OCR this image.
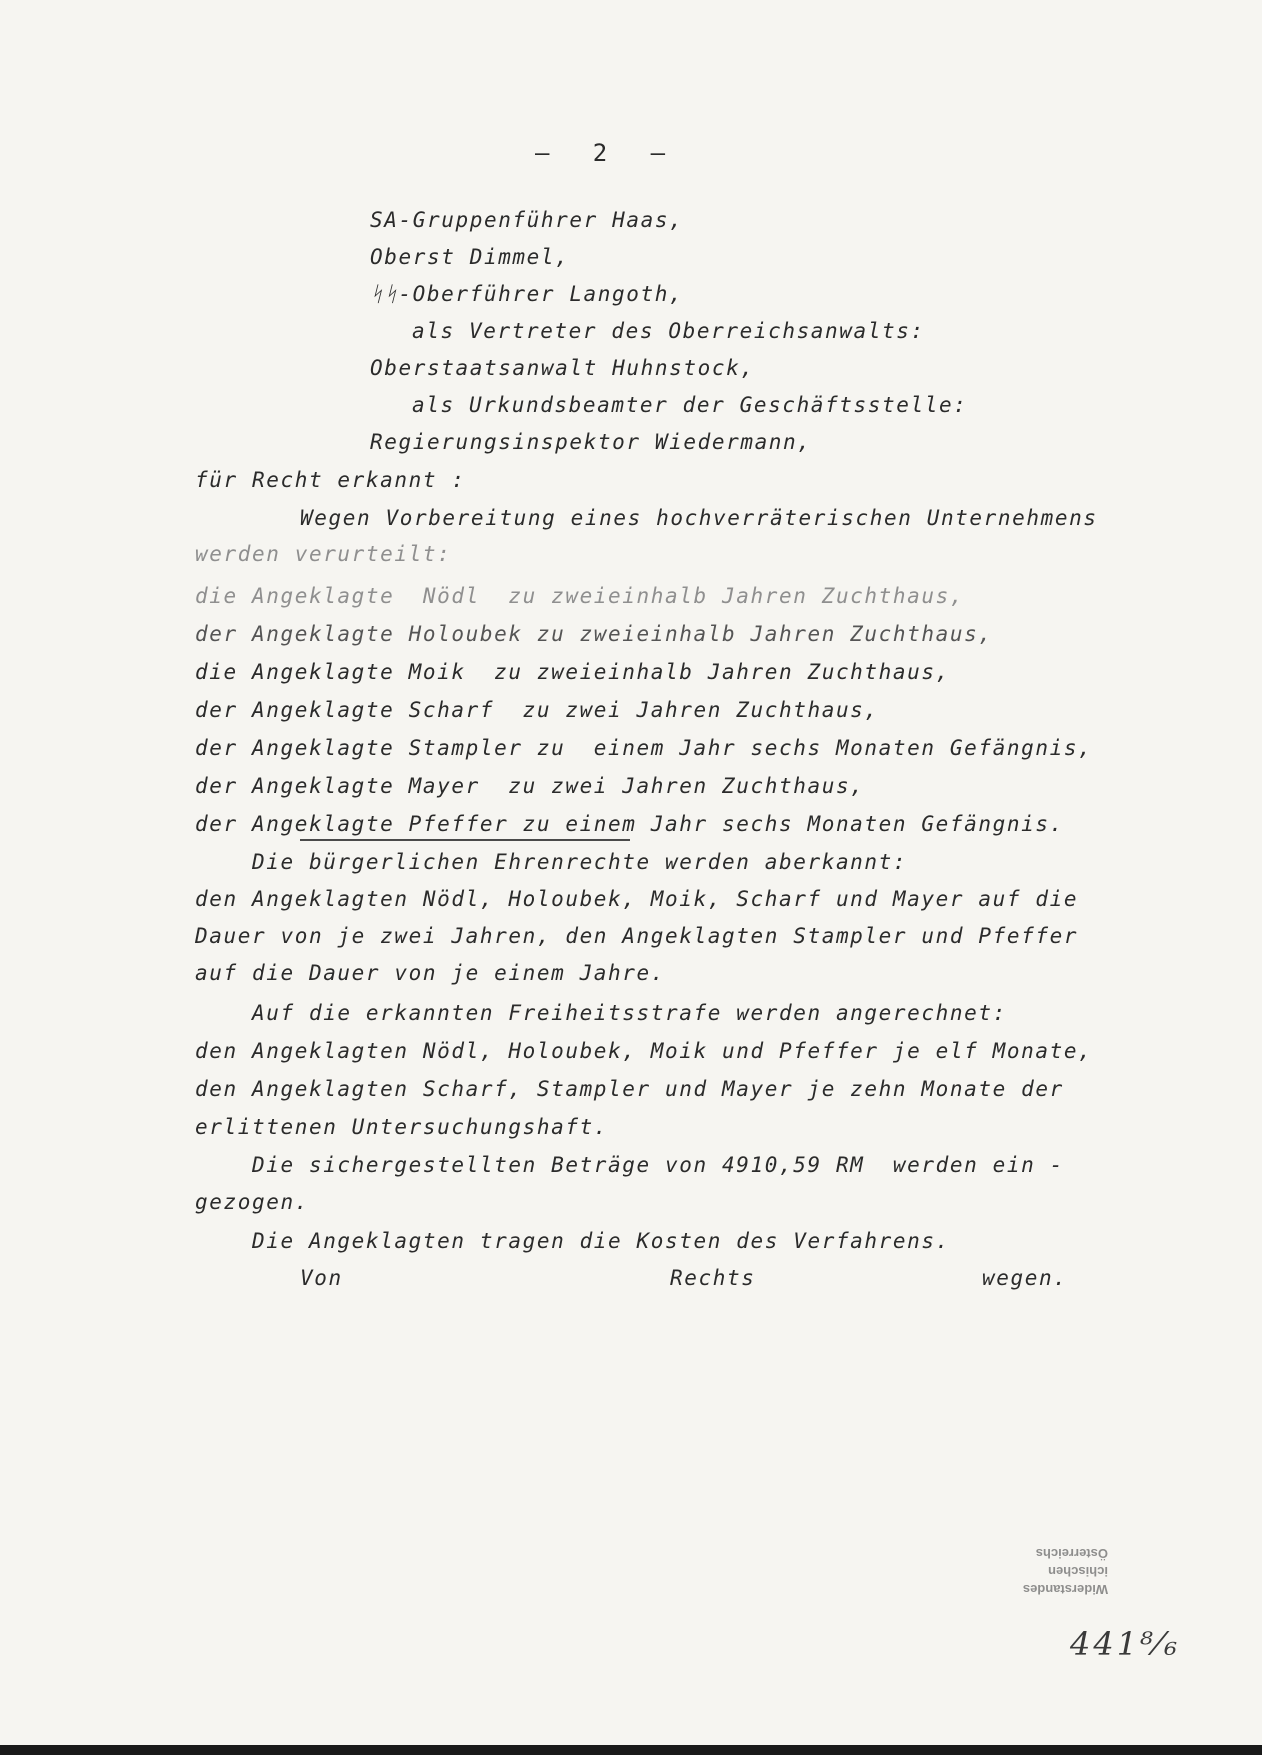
–   2   –
SA-Gruppenführer Haas,
Oberst Dimmel,
ᛋᛋ-Oberführer Langoth,
als Vertreter des Oberreichsanwalts:
Oberstaatsanwalt Huhnstock,
als Urkundsbeamter der Geschäftsstelle:
Regierungsinspektor Wiedermann,
für Recht erkannt :
Wegen Vorbereitung eines hochverräterischen Unternehmens
werden verurteilt:
die Angeklagte  Nödl  zu zweieinhalb Jahren Zuchthaus,
der Angeklagte Holoubek zu zweieinhalb Jahren Zuchthaus,
die Angeklagte Moik  zu zweieinhalb Jahren Zuchthaus,
der Angeklagte Scharf  zu zwei Jahren Zuchthaus,
der Angeklagte Stampler zu  einem Jahr sechs Monaten Gefängnis,
der Angeklagte Mayer  zu zwei Jahren Zuchthaus,
der Angeklagte Pfeffer zu einem Jahr sechs Monaten Gefängnis.
Die bürgerlichen Ehrenrechte werden aberkannt:
den Angeklagten Nödl, Holoubek, Moik, Scharf und Mayer auf die
Dauer von je zwei Jahren, den Angeklagten Stampler und Pfeffer
auf die Dauer von je einem Jahre.
Auf die erkannten Freiheitsstrafe werden angerechnet:
den Angeklagten Nödl, Holoubek, Moik und Pfeffer je elf Monate,
den Angeklagten Scharf, Stampler und Mayer je zehn Monate der
erlittenen Untersuchungshaft.
Die sichergestellten Beträge von 4910,59 RM  werden ein -
gezogen.
Die Angeklagten tragen die Kosten des Verfahrens.
Von	Rechts	wegen.
Widerstandes
ichischen
Österreichs
441⁸⁄₆
